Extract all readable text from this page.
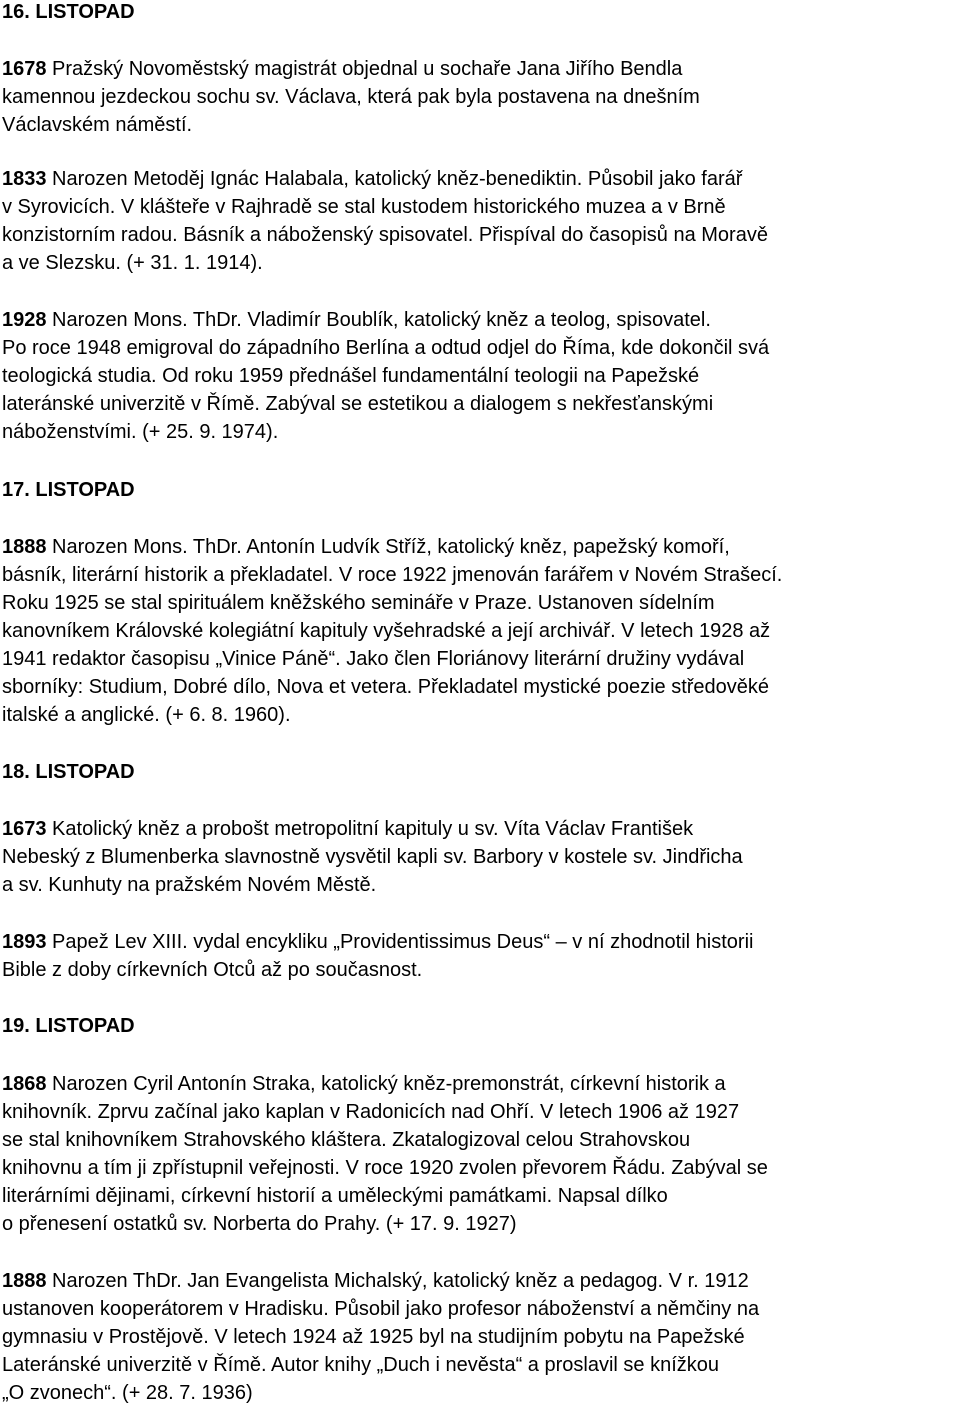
16. LISTOPAD
1678 Pražský Novoměstský magistrát objednal u sochaře Jana Jiřího Bendla
kamennou jezdeckou sochu sv. Václava, která pak byla postavena na dnešním
Václavském náměstí.
1833 Narozen Metoděj Ignác Halabala, katolický kněz-benediktin. Působil jako farář
v Syrovicích. V klášteře v Rajhradě se stal kustodem historického muzea a v Brně
konzistorním radou. Básník a náboženský spisovatel. Přispíval do časopisů na Moravě
a ve Slezsku. (+ 31. 1. 1914).
1928 Narozen Mons. ThDr. Vladimír Boublík, katolický kněz a teolog, spisovatel.
Po roce 1948 emigroval do západního Berlína a odtud odjel do Říma, kde dokončil svá
teologická studia. Od roku 1959 přednášel fundamentální teologii na Papežské
lateránské univerzitě v Římě. Zabýval se estetikou a dialogem s nekřesťanskými
náboženstvími. (+ 25. 9. 1974).
17. LISTOPAD
1888 Narozen Mons. ThDr. Antonín Ludvík Stříž, katolický kněz, papežský komoří,
básník, literární historik a překladatel. V roce 1922 jmenován farářem v Novém Strašecí.
Roku 1925 se stal spirituálem kněžského semináře v Praze. Ustanoven sídelním
kanovníkem Královské kolegiátní kapituly vyšehradské a její archivář. V letech 1928 až
1941 redaktor časopisu „Vinice Páně“. Jako člen Floriánovy literární družiny vydával
sborníky: Studium, Dobré dílo, Nova et vetera. Překladatel mystické poezie středověké
italské a anglické. (+ 6. 8. 1960).
18. LISTOPAD
1673 Katolický kněz a probošt metropolitní kapituly u sv. Víta Václav František
Nebeský z Blumenberka slavnostně vysvětil kapli sv. Barbory v kostele sv. Jindřicha
a sv. Kunhuty na pražském Novém Městě.
1893 Papež Lev XIII. vydal encykliku „Providentissimus Deus“ – v ní zhodnotil historii
Bible z doby církevních Otců až po současnost.
19. LISTOPAD
1868 Narozen Cyril Antonín Straka, katolický kněz-premonstrát, církevní historik a
knihovník. Zprvu začínal jako kaplan v Radonicích nad Ohří. V letech 1906 až 1927
se stal knihovníkem Strahovského kláštera. Zkatalogizoval celou Strahovskou
knihovnu a tím ji zpřístupnil veřejnosti. V roce 1920 zvolen převorem Řádu. Zabýval se
literárními dějinami, církevní historií a uměleckými památkami. Napsal dílko
o přenesení ostatků sv. Norberta do Prahy. (+ 17. 9. 1927)
1888 Narozen ThDr. Jan Evangelista Michalský, katolický kněz a pedagog. V r. 1912
ustanoven kooperátorem v Hradisku. Působil jako profesor náboženství a němčiny na
gymnasiu v Prostějově. V letech 1924 až 1925 byl na studijním pobytu na Papežské
Lateránské univerzitě v Římě. Autor knihy „Duch i nevěsta“ a proslavil se knížkou
„O zvonech“. (+ 28. 7. 1936)
